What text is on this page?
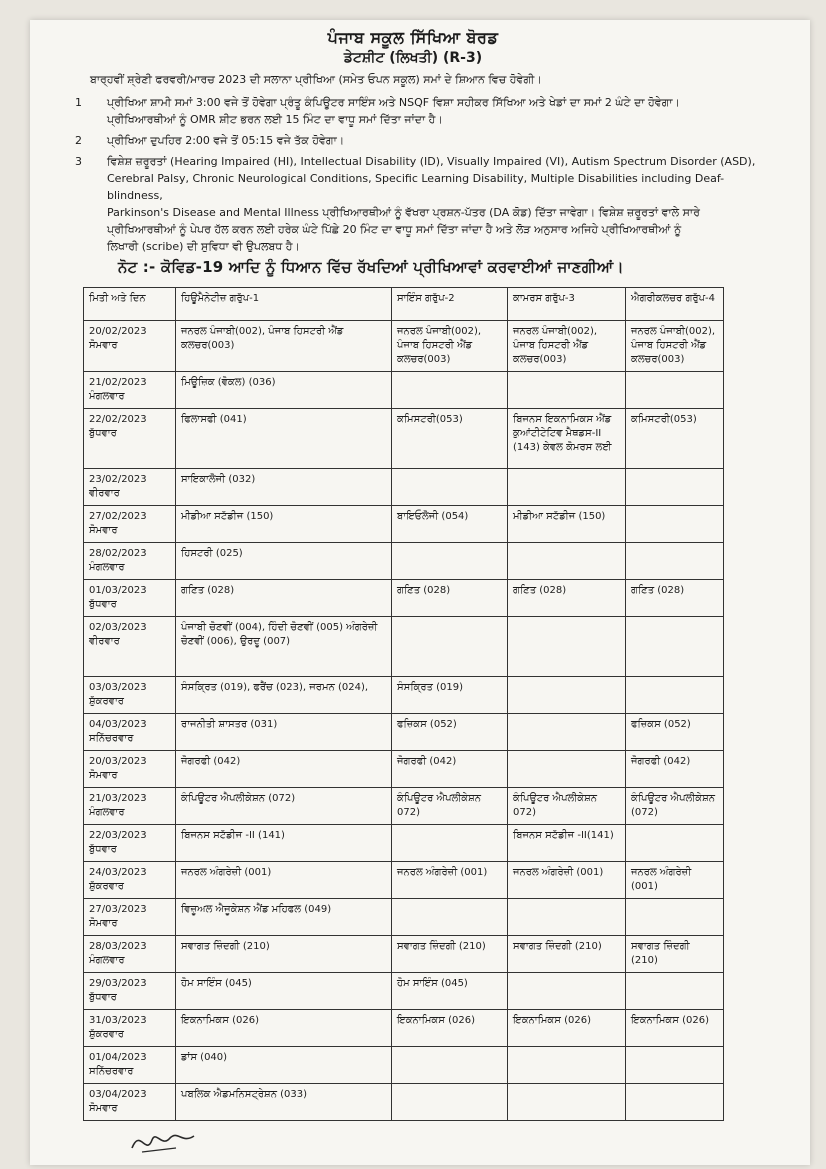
ਪੰਜਾਬ ਸਕੂਲ ਸਿੱਖਿਆ ਬੋਰਡ
ਡੇਟਸ਼ੀਟ (ਲਿਖਤੀ) (R-3)
ਬਾਰ੍ਹਵੀਂ ਸ਼੍ਰੇਣੀ ਫਰਵਰੀ/ਮਾਰਚ 2023 ਦੀ ਸਲਾਨਾ ਪ੍ਰੀਖਿਆ (ਸਮੇਤ ਓਪਨ ਸਕੂਲ) ਸਮਾਂ ਦੇ ਸ਼ਿਆਨ ਵਿਚ ਹੋਵੇਗੀ।
1	ਪ੍ਰੀਖਿਆ ਸ਼ਾਮੀ ਸਮਾਂ 3:00 ਵਜੇ ਤੋਂ ਹੋਵੇਗਾ ਪ੍ਰੰਤੂ ਕੰਪਿਊਟਰ ਸਾਇੰਸ ਅਤੇ NSQF ਵਿਸ਼ਾ ਸਹੀਕਰ ਸਿੱਖਿਆ ਅਤੇ ਖੇਡਾਂ ਦਾ ਸਮਾਂ 2 ਘੰਟੇ ਦਾ ਹੋਵੇਗਾ।
ਪ੍ਰੀਖਿਆਰਥੀਆਂ ਨੂੰ OMR ਸ਼ੀਟ ਭਰਨ ਲਈ 15 ਮਿੰਟ ਦਾ ਵਾਧੂ ਸਮਾਂ ਦਿੱਤਾ ਜਾਂਦਾ ਹੈ।
2	ਪ੍ਰੀਖਿਆ ਦੁਪਹਿਰ 2:00 ਵਜੇ ਤੋਂ 05:15 ਵਜੇ ਤੱਕ ਹੋਵੇਗਾ।
3	ਵਿਸ਼ੇਸ਼ ਜ਼ਰੂਰਤਾਂ (Hearing Impaired (HI), Intellectual Disability (ID), Visually Impaired (VI), Autism Spectrum Disorder (ASD),
Cerebral Palsy, Chronic Neurological Conditions, Specific Learning Disability, Multiple Disabilities including Deaf-blindness,
Parkinson's Disease and Mental Illness ਪ੍ਰੀਖਿਆਰਥੀਆਂ ਨੂੰ ਵੱਖਰਾ ਪ੍ਰਸ਼ਨ-ਪੱਤਰ (DA ਕੋਡ) ਦਿੱਤਾ ਜਾਵੇਗਾ। ਵਿਸ਼ੇਸ਼ ਜ਼ਰੂਰਤਾਂ ਵਾਲੇ ਸਾਰੇ
ਪ੍ਰੀਖਿਆਰਥੀਆਂ ਨੂੰ ਪੇਪਰ ਹੱਲ ਕਰਨ ਲਈ ਹਰੇਕ ਘੰਟੇ ਪਿੱਛੇ 20 ਮਿੰਟ ਦਾ ਵਾਧੂ ਸਮਾਂ ਦਿੱਤਾ ਜਾਂਦਾ ਹੈ ਅਤੇ ਲੋੜ ਅਨੁਸਾਰ ਅਜਿਹੇ ਪ੍ਰੀਖਿਆਰਥੀਆਂ ਨੂੰ
ਲਿਖਾਰੀ (scribe) ਦੀ ਸੁਵਿਧਾ ਵੀ ਉਪਲਬਧ ਹੈ।
ਨੋਟ :- ਕੋਵਿਡ-19 ਆਦਿ ਨੂੰ ਧਿਆਨ ਵਿੱਚ ਰੱਖਦਿਆਂ ਪ੍ਰੀਖਿਆਵਾਂ ਕਰਵਾਈਆਂ ਜਾਣਗੀਆਂ।
ਮਿਤੀ ਅਤੇ ਦਿਨ	ਹਿਊਮੈਨੇਟੀਜ਼ ਗਰੁੱਪ-1	ਸਾਇੰਸ ਗਰੁੱਪ-2	ਕਾਮਰਸ ਗਰੁੱਪ-3	ਐਗਰੀਕਲਚਰ ਗਰੁੱਪ-4

20/02/2023
ਸੋਮਵਾਰ	ਜਨਰਲ ਪੰਜਾਬੀ(002), ਪੰਜਾਬ ਹਿਸਟਰੀ ਐਂਡ ਕਲਚਰ(003)	ਜਨਰਲ ਪੰਜਾਬੀ(002), ਪੰਜਾਬ ਹਿਸਟਰੀ ਐਂਡ ਕਲਚਰ(003)	ਜਨਰਲ ਪੰਜਾਬੀ(002), ਪੰਜਾਬ ਹਿਸਟਰੀ ਐਂਡ ਕਲਚਰ(003)	ਜਨਰਲ ਪੰਜਾਬੀ(002), ਪੰਜਾਬ ਹਿਸਟਰੀ ਐਂਡ ਕਲਚਰ(003)

21/02/2023
ਮੰਗਲਵਾਰ	ਮਿਊਜ਼ਿਕ (ਵੋਕਲ) (036)			

22/02/2023
ਬੁੱਧਵਾਰ	ਫਿਲਾਸਫੀ (041)	ਕਮਿਸਟਰੀ(053)	ਬਿਜਨਸ ਇਕਨਾਮਿਕਸ ਐਂਡ ਕੁਆਂਟੀਟੇਟਿਵ ਮੈਥਡਸ-II (143) ਕੇਵਲ ਕੋਮਰਸ ਲਈ	ਕਮਿਸਟਰੀ(053)

23/02/2023
ਵੀਰਵਾਰ	ਸਾਇਕਾਲੋਜੀ (032)			

27/02/2023
ਸੋਮਵਾਰ	ਮੀਡੀਆ ਸਟੱਡੀਜ (150)	ਬਾਇਓਲੋਜੀ (054)	ਮੀਡੀਆ ਸਟੱਡੀਜ (150)	

28/02/2023
ਮੰਗਲਵਾਰ	ਹਿਸਟਰੀ (025)			

01/03/2023
ਬੁੱਧਵਾਰ	ਗਣਿਤ (028)	ਗਣਿਤ (028)	ਗਣਿਤ (028)	ਗਣਿਤ (028)

02/03/2023
ਵੀਰਵਾਰ	ਪੰਜਾਬੀ ਚੋਣਵੀਂ (004), ਹਿੰਦੀ ਚੋਣਵੀਂ (005) ਅੰਗਰੇਜ਼ੀ ਚੋਣਵੀਂ (006), ਉਰਦੂ (007)			

03/03/2023
ਸ਼ੁੱਕਰਵਾਰ	ਸੰਸਕ੍ਰਿਤ (019), ਫਰੈਂਚ (023), ਜਰਮਨ (024),	ਸੰਸਕ੍ਰਿਤ (019)		

04/03/2023
ਸਨਿੱਚਰਵਾਰ	ਰਾਜਨੀਤੀ ਸ਼ਾਸਤਰ (031)	ਫਜ਼ਿਕਸ (052)		ਫਜ਼ਿਕਸ (052)

20/03/2023
ਸੋਮਵਾਰ	ਜੋਗਰਫੀ (042)	ਜੋਗਰਫੀ (042)		ਜੋਗਰਫੀ (042)

21/03/2023
ਮੰਗਲਵਾਰ	ਕੰਪਿਊਟਰ ਐਪਲੀਕੇਸ਼ਨ (072)	ਕੰਪਿਊਟਰ ਐਪਲੀਕੇਸ਼ਨ 072)	ਕੰਪਿਊਟਰ ਐਪਲੀਕੇਸ਼ਨ 072)	ਕੰਪਿਊਟਰ ਐਪਲੀਕੇਸ਼ਨ (072)

22/03/2023
ਬੁੱਧਵਾਰ	ਬਿਜਨਸ ਸਟੱਡੀਜ -II (141)		ਬਿਜਨਸ ਸਟੱਡੀਜ -II(141)	

24/03/2023
ਸ਼ੁੱਕਰਵਾਰ	ਜਨਰਲ ਅੰਗਰੇਜ਼ੀ (001)	ਜਨਰਲ ਅੰਗਰੇਜ਼ੀ (001)	ਜਨਰਲ ਅੰਗਰੇਜ਼ੀ (001)	ਜਨਰਲ ਅੰਗਰੇਜ਼ੀ (001)

27/03/2023
ਸੋਮਵਾਰ	ਵਿਜ਼ੂਅਲ ਐਜੂਕੇਸ਼ਨ ਐਂਡ ਮਹਿਫਲ (049)			

28/03/2023
ਮੰਗਲਵਾਰ	ਸਵਾਗਤ ਜ਼ਿੰਦਗੀ (210)	ਸਵਾਗਤ ਜ਼ਿੰਦਗੀ (210)	ਸਵਾਗਤ ਜ਼ਿੰਦਗੀ (210)	ਸਵਾਗਤ ਜ਼ਿੰਦਗੀ (210)

29/03/2023
ਬੁੱਧਵਾਰ	ਹੋਮ ਸਾਇੰਸ (045)	ਹੋਮ ਸਾਇੰਸ (045)		

31/03/2023
ਸ਼ੁੱਕਰਵਾਰ	ਇਕਨਾਮਿਕਸ (026)	ਇਕਨਾਮਿਕਸ (026)	ਇਕਨਾਮਿਕਸ (026)	ਇਕਨਾਮਿਕਸ (026)

01/04/2023
ਸਨਿੱਚਰਵਾਰ	ਡਾਂਸ (040)			

03/04/2023
ਸੋਮਵਾਰ	ਪਬਲਿਕ ਐਡਮਨਿਸਟ੍ਰੇਸ਼ਨ (033)			
